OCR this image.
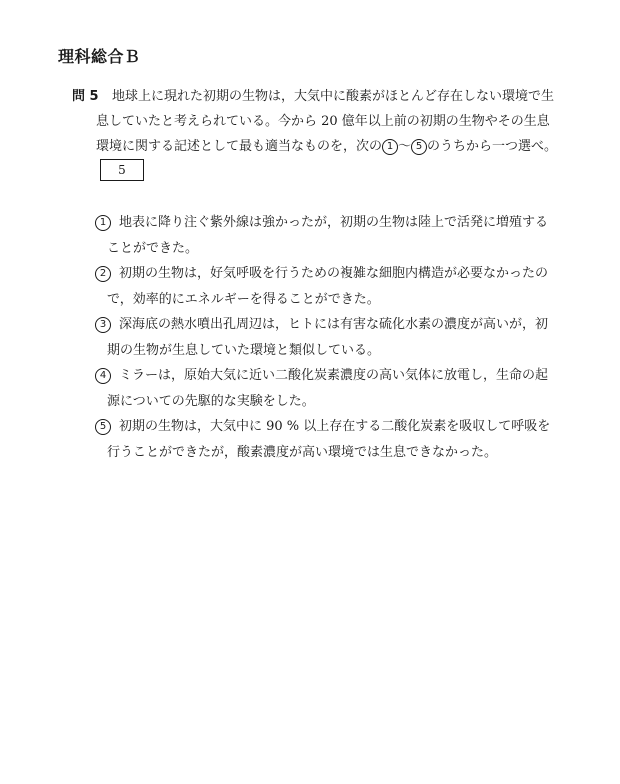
理科総合Ｂ
問 5	地球上に現れた初期の生物は，大気中に酸素がほとんど存在しない環境で生
息していたと考えられている。今から 20 億年以上前の初期の生物やその生息
環境に関する記述として最も適当なものを，次の 1 ～ 5 のうちから一つ選べ。
5
1 地表に降り注ぐ紫外線は強かったが，初期の生物は陸上で活発に増殖する
ことができた。
2 初期の生物は，好気呼吸を行うための複雑な細胞内構造が必要なかったの
で，効率的にエネルギーを得ることができた。
3 深海底の熱水噴出孔周辺は，ヒトには有害な硫化水素の濃度が高いが，初
期の生物が生息していた環境と類似している。
4 ミラーは，原始大気に近い二酸化炭素濃度の高い気体に放電し，生命の起
源についての先駆的な実験をした。
5 初期の生物は，大気中に 90 % 以上存在する二酸化炭素を吸収して呼吸を
行うことができたが，酸素濃度が高い環境では生息できなかった。
